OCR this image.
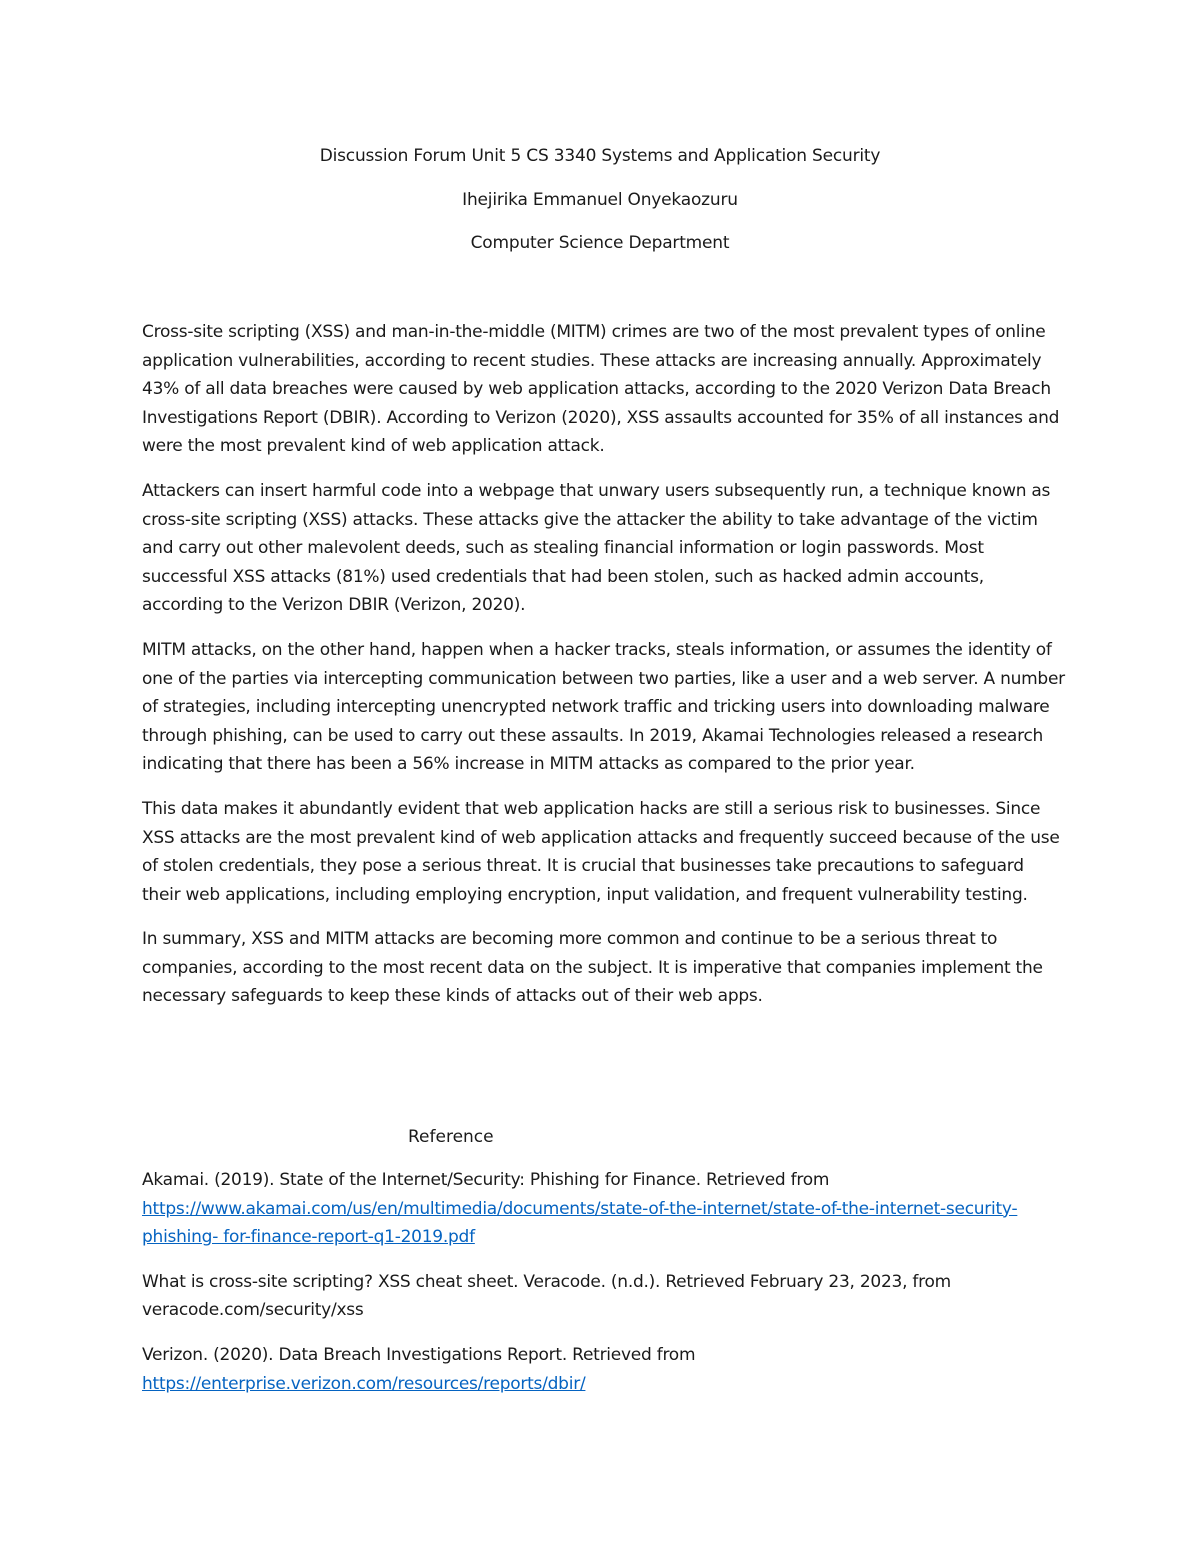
Discussion Forum Unit 5 CS 3340 Systems and Application Security
Ihejirika Emmanuel Onyekaozuru
Computer Science Department

Cross-site scripting (XSS) and man-in-the-middle (MITM) crimes are two of the most prevalent types of online application vulnerabilities, according to recent studies. These attacks are increasing annually. Approximately 43% of all data breaches were caused by web application attacks, according to the 2020 Verizon Data Breach Investigations Report (DBIR). According to Verizon (2020), XSS assaults accounted for 35% of all instances and were the most prevalent kind of web application attack.

Attackers can insert harmful code into a webpage that unwary users subsequently run, a technique known as cross-site scripting (XSS) attacks. These attacks give the attacker the ability to take advantage of the victim and carry out other malevolent deeds, such as stealing financial information or login passwords. Most successful XSS attacks (81%) used credentials that had been stolen, such as hacked admin accounts, according to the Verizon DBIR (Verizon, 2020).

MITM attacks, on the other hand, happen when a hacker tracks, steals information, or assumes the identity of one of the parties via intercepting communication between two parties, like a user and a web server. A number of strategies, including intercepting unencrypted network traffic and tricking users into downloading malware through phishing, can be used to carry out these assaults. In 2019, Akamai Technologies released a research indicating that there has been a 56% increase in MITM attacks as compared to the prior year.

This data makes it abundantly evident that web application hacks are still a serious risk to businesses. Since XSS attacks are the most prevalent kind of web application attacks and frequently succeed because of the use of stolen credentials, they pose a serious threat. It is crucial that businesses take precautions to safeguard their web applications, including employing encryption, input validation, and frequent vulnerability testing.

In summary, XSS and MITM attacks are becoming more common and continue to be a serious threat to companies, according to the most recent data on the subject. It is imperative that companies implement the necessary safeguards to keep these kinds of attacks out of their web apps.

Reference

Akamai. (2019). State of the Internet/Security: Phishing for Finance. Retrieved from
https://www.akamai.com/us/en/multimedia/documents/state-of-the-internet/state-of-the-internet-security-phishing- for-finance-report-q1-2019.pdf

What is cross-site scripting? XSS cheat sheet. Veracode. (n.d.). Retrieved February 23, 2023, from veracode.com/security/xss

Verizon. (2020). Data Breach Investigations Report. Retrieved from
https://enterprise.verizon.com/resources/reports/dbir/
